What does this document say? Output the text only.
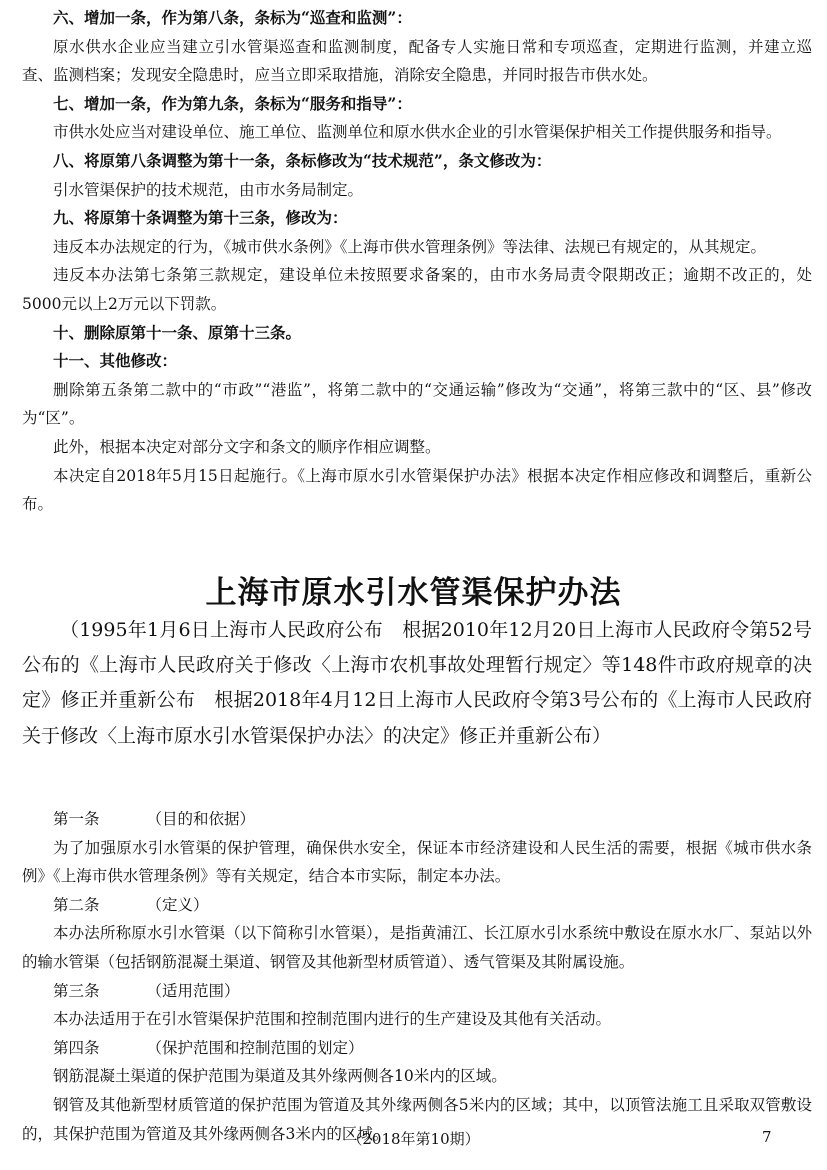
六、增加一条，作为第八条，条标为“巡查和监测”：

原水供水企业应当建立引水管渠巡查和监测制度，配备专人实施日常和专项巡查，定期进行监测，并建立巡查、监测档案；发现安全隐患时，应当立即采取措施，消除安全隐患，并同时报告市供水处。

七、增加一条，作为第九条，条标为“服务和指导”：

市供水处应当对建设单位、施工单位、监测单位和原水供水企业的引水管渠保护相关工作提供服务和指导。

八、将原第八条调整为第十一条，条标修改为“技术规范”，条文修改为：

引水管渠保护的技术规范，由市水务局制定。

九、将原第十条调整为第十三条，修改为：

违反本办法规定的行为，《城市供水条例》《上海市供水管理条例》等法律、法规已有规定的，从其规定。

违反本办法第七条第三款规定，建设单位未按照要求备案的，由市水务局责令限期改正；逾期不改正的，处5000元以上2万元以下罚款。

十、删除原第十一条、原第十三条。

十一、其他修改：

删除第五条第二款中的“市政”“港监”，将第二款中的“交通运输”修改为“交通”，将第三款中的“区、县”修改为“区”。

此外，根据本决定对部分文字和条文的顺序作相应调整。

本决定自2018年5月15日起施行。《上海市原水引水管渠保护办法》根据本决定作相应修改和调整后，重新公布。

上海市原水引水管渠保护办法

（1995年1月6日上海市人民政府公布　根据2010年12月20日上海市人民政府令第52号公布的《上海市人民政府关于修改〈上海市农机事故处理暂行规定〉等148件市政府规章的决定》修正并重新公布　根据2018年4月12日上海市人民政府令第3号公布的《上海市人民政府关于修改〈上海市原水引水管渠保护办法〉的决定》修正并重新公布）

第一条	（目的和依据）

为了加强原水引水管渠的保护管理，确保供水安全，保证本市经济建设和人民生活的需要，根据《城市供水条例》《上海市供水管理条例》等有关规定，结合本市实际，制定本办法。

第二条	（定义）

本办法所称原水引水管渠（以下简称引水管渠），是指黄浦江、长江原水引水系统中敷设在原水水厂、泵站以外的输水管渠（包括钢筋混凝土渠道、钢管及其他新型材质管道）、透气管渠及其附属设施。

第三条	（适用范围）

本办法适用于在引水管渠保护范围和控制范围内进行的生产建设及其他有关活动。

第四条	（保护范围和控制范围的划定）

钢筋混凝土渠道的保护范围为渠道及其外缘两侧各10米内的区域。

钢管及其他新型材质管道的保护范围为管道及其外缘两侧各5米内的区域；其中，以顶管法施工且采取双管敷设的，其保护范围为管道及其外缘两侧各3米内的区域。

（2018年第10期）	7
